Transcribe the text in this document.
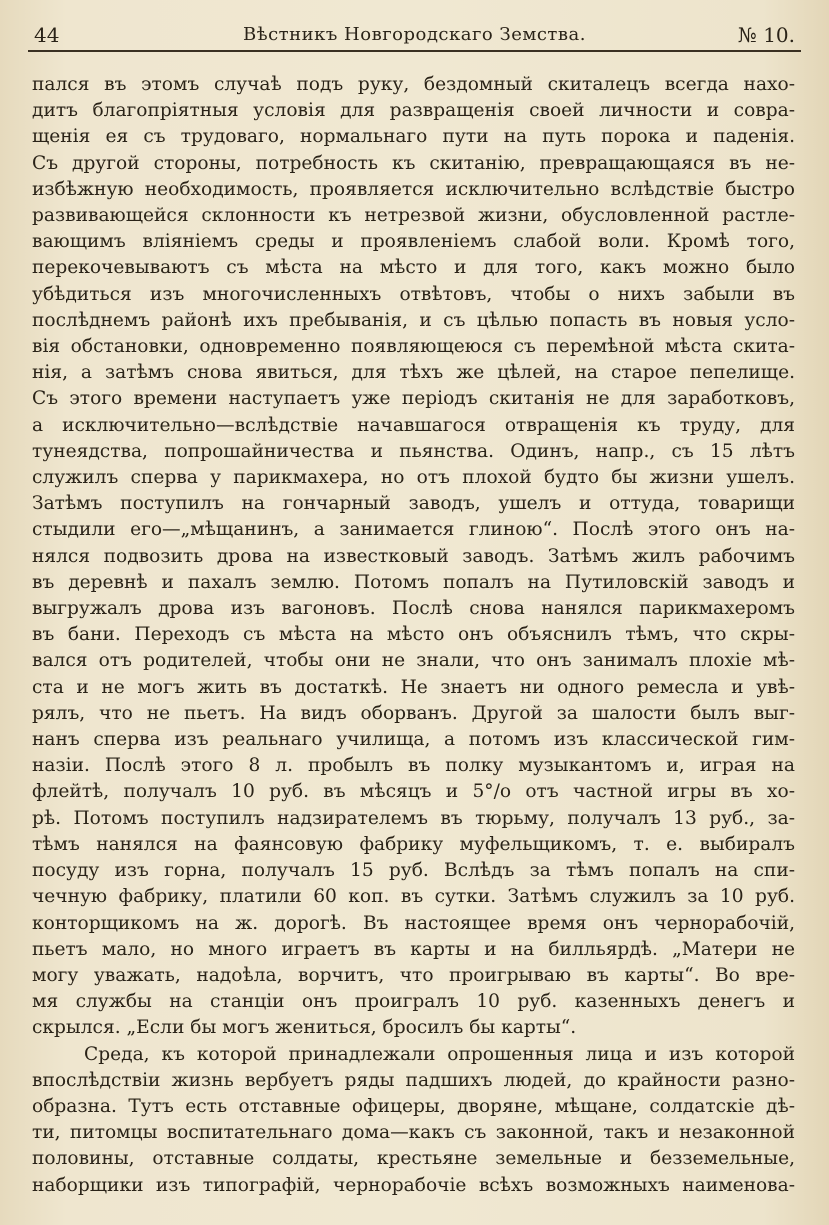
44	Вѣстникъ Новгородскаго Земства.	№ 10.

пался въ этомъ случаѣ подъ руку, бездомный скиталецъ всегда нахо-

дитъ благопріятныя условія для развращенія своей личности и совра-

щенія ея съ трудоваго, нормальнаго пути на путь порока и паденія.

Съ другой стороны, потребность къ скитанію, превращающаяся въ не-

избѣжную необходимость, проявляется исключительно вслѣдствіе быстро

развивающейся склонности къ нетрезвой жизни, обусловленной растле-

вающимъ вліяніемъ среды и проявленіемъ слабой воли. Кромѣ того,

перекочевываютъ съ мѣста на мѣсто и для того, какъ можно было

убѣдиться изъ многочисленныхъ отвѣтовъ, чтобы о нихъ забыли въ

послѣднемъ районѣ ихъ пребыванія, и съ цѣлью попасть въ новыя усло-

вія обстановки, одновременно появляющеюся съ перемѣной мѣста скита-

нія, а затѣмъ снова явиться, для тѣхъ же цѣлей, на старое пепелище.

Съ этого времени наступаетъ уже періодъ скитанія не для заработковъ,

а исключительно—вслѣдствіе начавшагося отвращенія къ труду, для

тунеядства, попрошайничества и пьянства. Одинъ, напр., съ 15 лѣтъ

служилъ сперва у парикмахера, но отъ плохой будто бы жизни ушелъ.

Затѣмъ поступилъ на гончарный заводъ, ушелъ и оттуда, товарищи

стыдили его—„мѣщанинъ, а занимается глиною“. Послѣ этого онъ на-

нялся подвозить дрова на известковый заводъ. Затѣмъ жилъ рабочимъ

въ деревнѣ и пахалъ землю. Потомъ попалъ на Путиловскій заводъ и

выгружалъ дрова изъ вагоновъ. Послѣ снова нанялся парикмахеромъ

въ бани. Переходъ съ мѣста на мѣсто онъ объяснилъ тѣмъ, что скры-

вался отъ родителей, чтобы они не знали, что онъ занималъ плохіе мѣ-

ста и не могъ жить въ достаткѣ. Не знаетъ ни одного ремесла и увѣ-

рялъ, что не пьетъ. На видъ оборванъ. Другой за шалости былъ выг-

нанъ сперва изъ реальнаго училища, а потомъ изъ классической гим-

назіи. Послѣ этого 8 л. пробылъ въ полку музыкантомъ и, играя на

флейтѣ, получалъ 10 руб. въ мѣсяцъ и 5°/о отъ частной игры въ хо-

рѣ. Потомъ поступилъ надзирателемъ въ тюрьму, получалъ 13 руб., за-

тѣмъ нанялся на фаянсовую фабрику муфельщикомъ, т. е. выбиралъ

посуду изъ горна, получалъ 15 руб. Вслѣдъ за тѣмъ попалъ на спи-

чечную фабрику, платили 60 коп. въ сутки. Затѣмъ служилъ за 10 руб.

конторщикомъ на ж. дорогѣ. Въ настоящее время онъ чернорабочій,

пьетъ мало, но много играетъ въ карты и на билльярдѣ. „Матери не

могу уважать, надоѣла, ворчитъ, что проигрываю въ карты“. Во вре-

мя службы на станціи онъ проигралъ 10 руб. казенныхъ денегъ и

скрылся. „Если бы могъ жениться, бросилъ бы карты“.

Среда, къ которой принадлежали опрошенныя лица и изъ которой

впослѣдствіи жизнь вербуетъ ряды падшихъ людей, до крайности разно-

образна. Тутъ есть отставные офицеры, дворяне, мѣщане, солдатскіе дѣ-

ти, питомцы воспитательнаго дома—какъ съ законной, такъ и незаконной

половины, отставные солдаты, крестьяне земельные и безземельные,

наборщики изъ типографій, чернорабочіе всѣхъ возможныхъ наименова-
